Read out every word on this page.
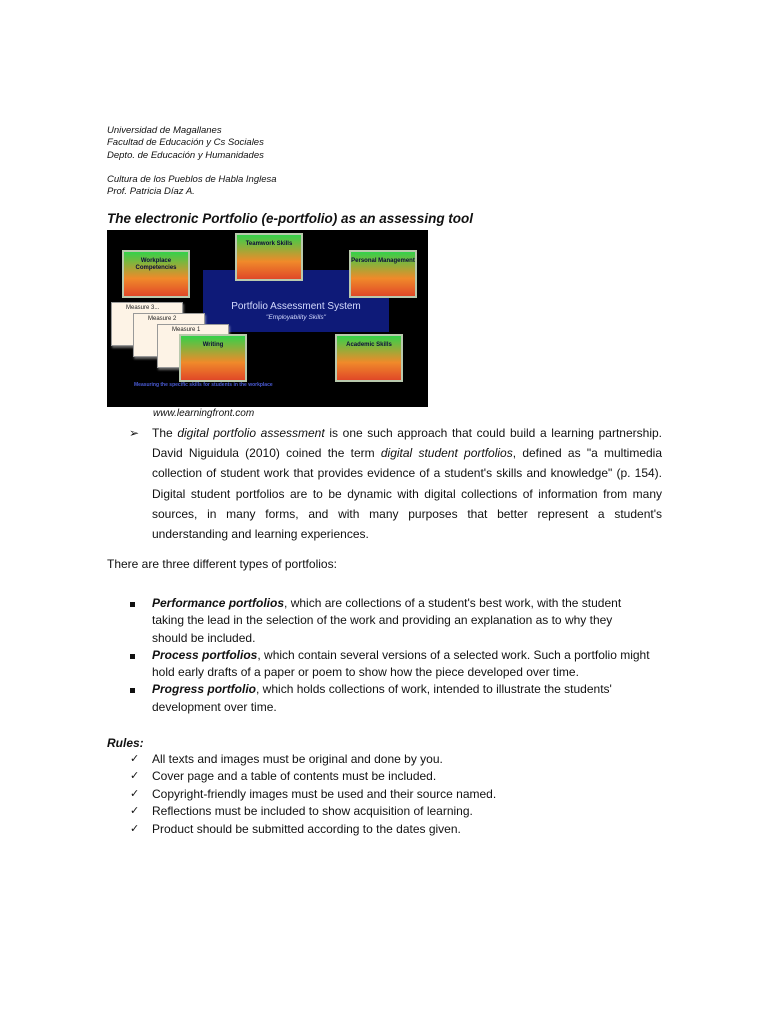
Universidad de Magallanes
Facultad de Educación y Cs Sociales
Depto. de Educación y Humanidades
Cultura de los Pueblos de Habla Inglesa
Prof. Patricia Díaz A.
The electronic Portfolio (e-portfolio) as an assessing tool
Portfolio Assessment System
"Employability Skills"
Teamwork Skills
Workplace Competencies
Personal Management
Measure 3...
Measure 2
Measure 1
Writing	Academic Skills
Measuring the specific skills for students in the workplace
www.learningfront.com
➢ The digital portfolio assessment is one such approach that could build a learning partnership. David Niguidula (2010) coined the term digital student portfolios, defined as "a multimedia collection of student work that provides evidence of a student's skills and knowledge" (p. 154). Digital student portfolios are to be dynamic with digital collections of information from many sources, in many forms, and with many purposes that better represent a student's understanding and learning experiences.
There are three different types of portfolios:
Performance portfolios, which are collections of a student's best work, with the student taking the lead in the selection of the work and providing an explanation as to why they should be included.
Process portfolios, which contain several versions of a selected work. Such a portfolio might hold early drafts of a paper or poem to show how the piece developed over time.
Progress portfolio, which holds collections of work, intended to illustrate the students' development over time.
Rules:
✓ All texts and images must be original and done by you.
✓ Cover page and a table of contents must be included.
✓ Copyright-friendly images must be used and their source named.
✓ Reflections must be included to show acquisition of learning.
✓ Product should be submitted according to the dates given.
